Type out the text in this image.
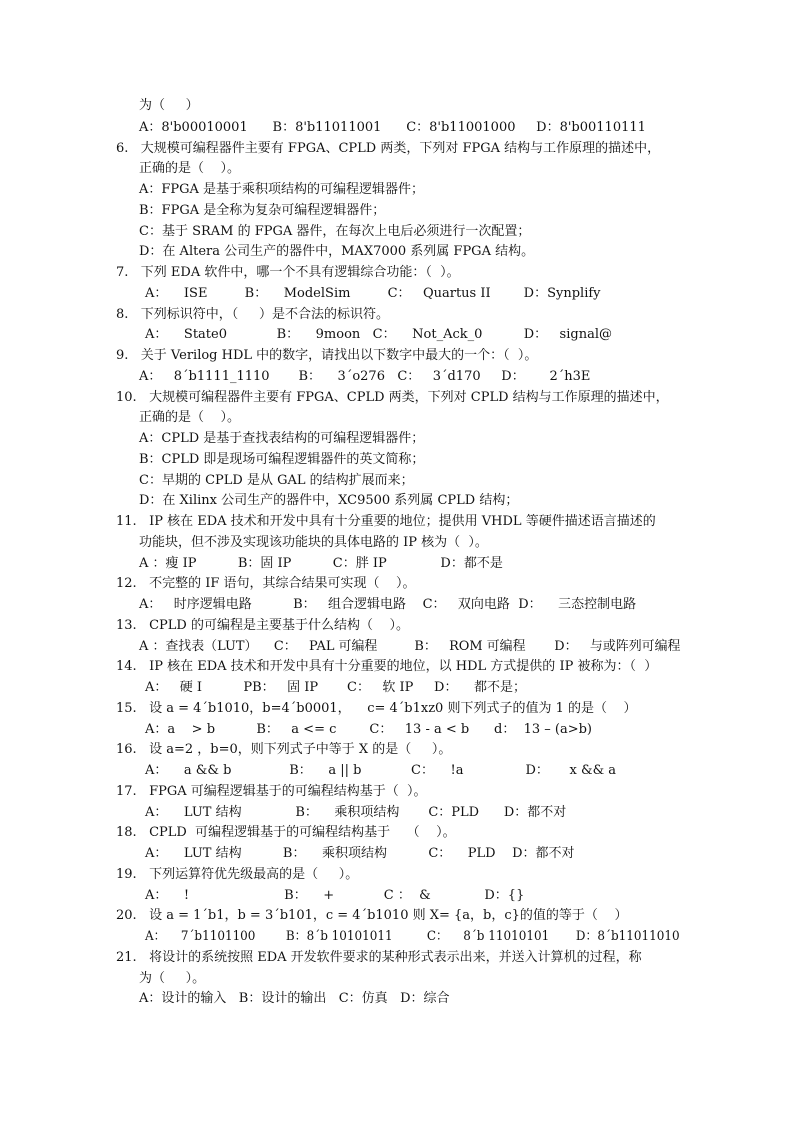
为（     ）
A：8'b00010001      B：8'b11011001      C：8'b11001000     D：8'b00110111
6.   大规模可编程器件主要有 FPGA、CPLD 两类，下列对 FPGA 结构与工作原理的描述中，
正确的是（    ）。
A：FPGA 是基于乘积项结构的可编程逻辑器件；
B：FPGA 是全称为复杂可编程逻辑器件；
C：基于 SRAM 的 FPGA 器件，在每次上电后必须进行一次配置；
D：在 Altera 公司生产的器件中，MAX7000 系列属 FPGA 结构。
7.   下列 EDA 软件中，哪一个不具有逻辑综合功能：（  ）。
A：    ISE         B：    ModelSim         C：   Quartus II        D：Synplify
8.   下列标识符中，（     ）是不合法的标识符。
A：    State0            B：    9moon   C：    Not_Ack_0          D：   signal@
9.   关于 Verilog HDL 中的数字，请找出以下数字中最大的一个：（  ）。
A：   8´b1111_1110       B：    3´o276   C：   3´d170     D：      2´h3E
10.   大规模可编程器件主要有 FPGA、CPLD 两类，下列对 CPLD 结构与工作原理的描述中，
正确的是（    ）。
A：CPLD 是基于查找表结构的可编程逻辑器件；
B：CPLD 即是现场可编程逻辑器件的英文简称；
C：早期的 CPLD 是从 GAL 的结构扩展而来；
D：在 Xilinx 公司生产的器件中，XC9500 系列属 CPLD 结构；
11.   IP 核在 EDA 技术和开发中具有十分重要的地位；提供用 VHDL 等硬件描述语言描述的
功能块，但不涉及实现该功能块的具体电路的 IP 核为（  ）。
A ：瘦 IP          B：固 IP          C：胖 IP             D：都不是
12.   不完整的 IF 语句，其综合结果可实现（    ）。
A：   时序逻辑电路          B：   组合逻辑电路    C：   双向电路  D：    三态控制电路
13.   CPLD 的可编程是主要基于什么结构（    ）。
A ：查找表（LUT）    C：   PAL 可编程         B：   ROM 可编程       D：   与或阵列可编程
14.   IP 核在 EDA 技术和开发中具有十分重要的地位，以 HDL 方式提供的 IP 被称为：（  ）
A：   硬 I          PB：   固 IP       C：   软 IP     D：    都不是；
15.   设 a = 4´b1010，b=4´b0001，    c= 4´b1xz0 则下列式子的值为 1 的是（    ）
A：a    > b          B：   a <= c        C：   13 - a < b      d：  13 – (a>b)
16.   设 a=2 ，b=0，则下列式子中等于 X 的是（     ）。
A：    a && b              B：    a || b            C：    !a               D：     x && a
17.   FPGA 可编程逻辑基于的可编程结构基于（  ）。
A：    LUT 结构             B：    乘积项结构       C：PLD      D：都不对
18.   CPLD  可编程逻辑基于的可编程结构基于    （    ）。
A：    LUT 结构          B：    乘积项结构          C：    PLD    D：都不对
19.   下列运算符优先级最高的是（     ）。
A：    !                       B：    +            C ：  &             D：{}
20.   设 a = 1´b1，b = 3´b101，c = 4´b1010 则 X= {a，b，c}的值的等于（    ）
A：    7´b1101100        B：8´b 10101011         C：    8´b 11010101       D：8´b11011010
21.   将设计的系统按照 EDA 开发软件要求的某种形式表示出来，并送入计算机的过程，称
为（     ）。
A：设计的输入   B：设计的输出   C：仿真   D：综合
